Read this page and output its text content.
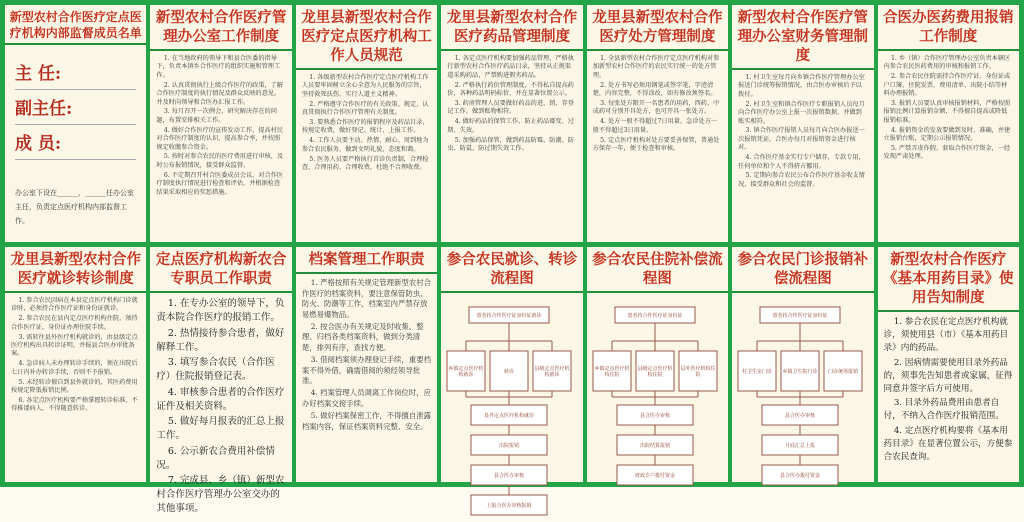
新型农村合作医疗定点医疗机构内部监督成员名单
主 任:
副主任:
成 员:
办公室下设在______，______任办公室主任，负责定点医疗机构内部监督工作。
新型农村合作医疗管理办公室工作制度
1. 在当地政府的领导下和县合医委的指导下，负责本镇乡合作医疗的组织实施和管理工作。
2. 认真贯彻执行上级合作医疗的政策，了解合作医疗制度的执行情况及群众反映的意见，并及时向领导和合医办汇报工作。
3. 每月召开一次例会，研究解决存在的问题，布置安排相关工作。
4. 做好合作医疗的宣传发动工作，提高村民对合作医疗制度的认识，提高参合率，并按照规定收缴参合资金。
5. 按时对参合农民的医疗费用进行审核，及时公布报销情况，接受群众监督。
6. 不定期召开村合医委成员会议，对合作医疗制度执行情况进行检查和评估，并根据检查结果采取相应的奖惩措施。
龙里县新型农村合作医疗定点医疗机构工作人员规范
1. 各级新型农村合作医疗定点医疗机构工作人员要牢固树立全心全意为人民服务的宗旨，坚持救死扶伤，实行人道主义精神。
2. 严格遵守合作医疗的有关政策、规定，认真贯彻执行合作医疗管理有关制度。
3. 要熟悉合作医疗的报销程序及药品目录，按规定收费，做好登记、统计、上报工作。
4. 工作人员要主动、热情、耐心、周到地为参合农民服务，做到文明礼貌，态度和蔼。
5. 医务人员要严格执行首诊负责制，合理检查、合理用药、合理收费，杜绝不合理收费。
龙里县新型农村合作医疗药品管理制度
1. 各定点医疗机构要加强药品管理，严格执行新型农村合作医疗药品目录，坚持从正规渠道采购药品，严禁购进假劣药品。
2. 严格执行药价管理制度，不得私自提高药价，各种药品明码标价，并在显著位置公示。
3. 药房管理人员要做好药品的进、销、存登记工作，做到账物相符。
4. 做好药品的保管工作，防止药品霉变、过期、失效。
5. 加强药品保管，做到药品防霉、防潮、防虫、防鼠、防过期失效工作。
龙里县新型农村合作医疗处方管理制度
1. 全县新型农村合作医疗定点医疗机构对参加新型农村合作医疗的农民实行统一的处方管理。
2. 处方书写必须用钢笔或签字笔，字迹清楚，内容完整，不得涂改，如有修改须签名。
3. 每张处方限开一名患者的用药，西药、中成药可分别开具处方，也可开具一张处方。
4. 处方一般不得超过7日用量，急诊处方一般不得超过3日用量。
5. 定点医疗机构对处方要妥善保管，普通处方保存一年，便于检查和审核。
新型农村合作医疗管理办公室财务管理制度
1. 村卫生室每月向乡镇合作医疗管理办公室报送门诊统筹报销情况，由合医办审核后予以拨付。
2. 村卫生室和镇合作医疗专职报销人员每月向合作医疗办公室上报一次报销数据，并做到账实相符。
3. 镇合作医疗报销人员每月向合医办报送一次报销凭证，合医办每月对报销资金进行核对。
4. 合作医疗基金实行专户储存，专款专用，任何单位和个人不得挤占挪用。
5. 定期向参合农民公布合作医疗基金收支情况，接受群众和社会的监督。
合医办医药费用报销工作制度
1. 乡（镇）合作医疗管理办公室负责本辖区内参合农民医药费用的审核和报销工作。
2. 参合农民住院需持合作医疗证、身份证或户口簿、住院发票、费用清单、出院小结等材料办理报销。
3. 报销人员要认真审核报销材料，严格按照报销比例计算报销金额，不得擅自提高或降低报销标准。
4. 报销资金的发放要做到及时、准确，并建立报销台账，定期公示报销情况。
5. 严禁弄虚作假、套取合作医疗资金，一经发现严肃处理。
龙里县新型农村合作医疗就诊转诊制度
1. 参合农民因病在本县定点医疗机构门诊就诊时，必须持合作医疗证和身份证就诊。
2. 参合农民在县内定点医疗机构住院，须持合作医疗证、身份证办理住院手续。
3. 需转往县外医疗机构就诊的，由县级定点医疗机构出具转诊证明，并报县合医办审批备案。
4. 急诊病人未办理转诊手续的，须在出院后七日内补办转诊手续，否则不予报销。
5. 未经转诊擅自到县外就诊的，其医药费用按规定降低报销比例。
6. 各定点医疗机构要严格掌握转诊标准，不得推诿病人，不得随意转诊。
定点医疗机构新农合专职员工作职责
1. 在专办公室的领导下，负责本院合作医疗的报销工作。
2. 热情接待参合患者，做好解释工作。
3. 填写参合农民（合作医疗）住院报销登记表。
4. 审核参合患者的合作医疗证件及相关资料。
5. 做好每月报表的汇总上报工作。
6. 公示新农合费用补偿情况。
7. 完成县、乡（镇）新型农村合作医疗管理办公室交办的其他事项。
档案管理工作职责
1. 严格按照有关规定管理新型农村合作医疗的档案资料，要注意保管防虫、防火、防潮等工作，档案室内严禁存放易燃易爆物品。
2. 按合医办有关规定及时收集、整理、归档各类档案资料，做到分类清楚，排列有序，查找方便。
3. 借阅档案须办理登记手续，重要档案不得外借，确需借阅的须经领导批准。
4. 档案管理人员调离工作岗位时，应办好档案交接手续。
5. 做好档案保密工作，不得擅自泄露档案内容，保证档案资料完整、安全。
参合农民就诊、转诊流程图
患者持合作医疗证身份证就诊
乡镇定点医疗机构就诊	转诊	县级定点医疗机构就诊
县外定点医疗机构就诊
出院报销
县合医办审核
上报合医办审核报销
参合农民住院补偿流程图
患者持合作医疗证身份证
乡镇定点医疗机构住院
县级定点医疗机构住院
县外医疗机构住院
县合医办审核
出院结算报销
财政专户拨付资金
参合农民门诊报销补偿流程图
患者持合作医疗证身份证
村卫生室门诊 乡镇卫生院门诊 门诊统筹报销
县合医办审核
月底汇总上报
县合医办拨付资金
新型农村合作医疗《基本用药目录》使用告知制度
1. 参合农民在定点医疗机构就诊，须使用县（市）《基本用药目录》内的药品。
2. 因病情需要使用目录外药品的，须事先告知患者或家属，征得同意并签字后方可使用。
3. 目录外药品费用由患者自付，不纳入合作医疗报销范围。
4. 定点医疗机构要将《基本用药目录》在显著位置公示，方便参合农民查询。
